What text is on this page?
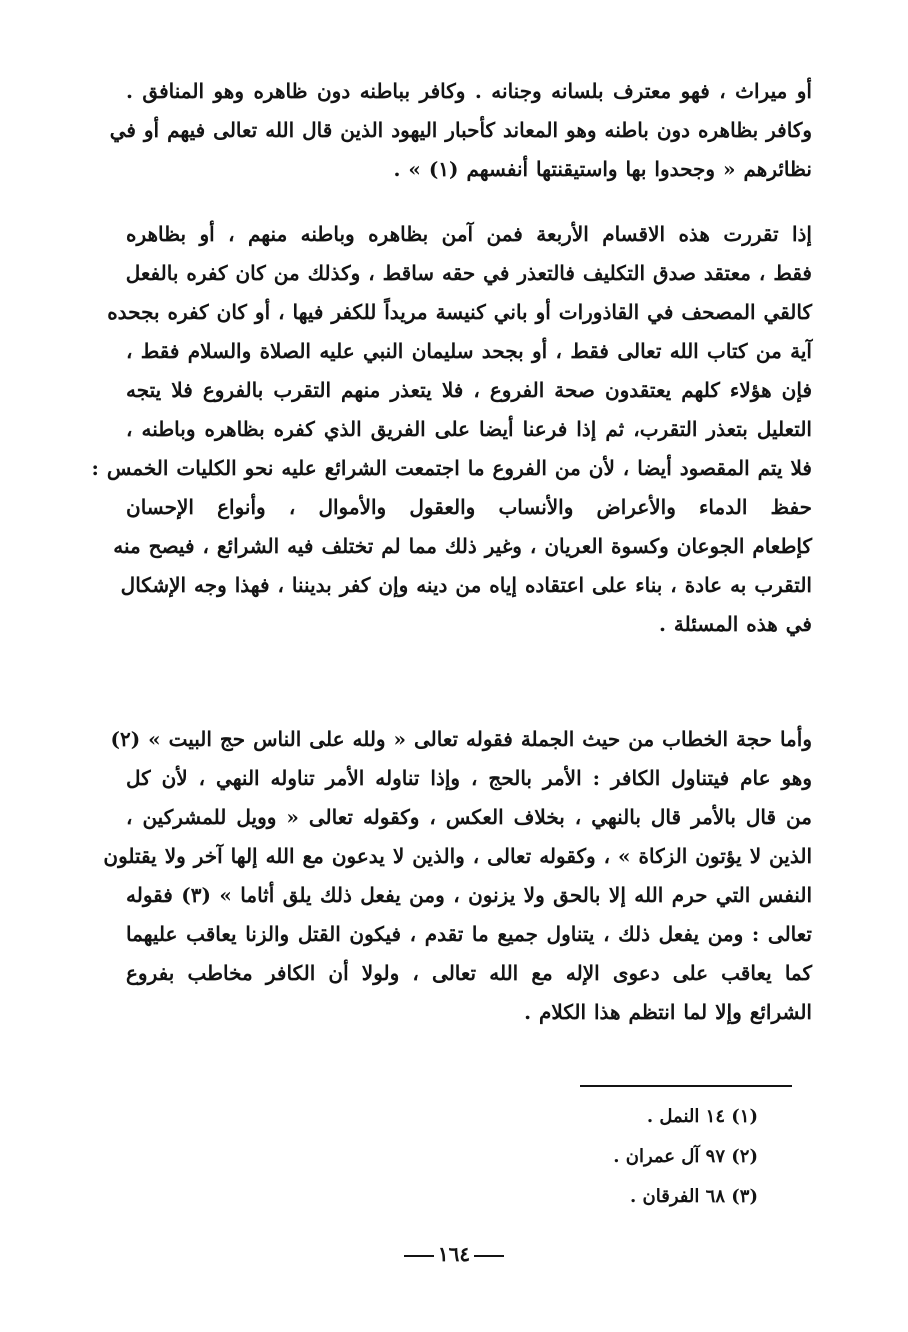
أو ميراث ، فهو معترف بلسانه وجنانه . وكافر بباطنه دون ظاهره وهو المنافق .
وكافر بظاهره دون باطنه وهو المعاند كأحبار اليهود الذين قال الله تعالى فيهم أو في
نظائرهم « وجحدوا بها واستيقنتها أنفسهم (١) » .
إذا تقررت هذه الاقسام الأربعة فمن آمن بظاهره وباطنه منهم ، أو بظاهره
فقط ، معتقد صدق التكليف فالتعذر في حقه ساقط ، وكذلك من كان كفره بالفعل
كالقي المصحف في القاذورات أو باني كنيسة مريداً للكفر فيها ، أو كان كفره بجحده
آية من كتاب الله تعالى فقط ، أو بجحد سليمان النبي عليه الصلاة والسلام فقط ،
فإن هؤلاء كلهم يعتقدون صحة الفروع ، فلا يتعذر منهم التقرب بالفروع فلا يتجه
التعليل بتعذر التقرب، ثم إذا فرعنا أيضا على الفريق الذي كفره بظاهره وباطنه ،
فلا يتم المقصود أيضا ، لأن من الفروع ما اجتمعت الشرائع عليه نحو الكليات الخمس :
حفظ الدماء والأعراض والأنساب والعقول والأموال ، وأنواع الإحسان
كإطعام الجوعان وكسوة العريان ، وغير ذلك مما لم تختلف فيه الشرائع ، فيصح منه
التقرب به عادة ، بناء على اعتقاده إياه من دينه وإن كفر بديننا ، فهذا وجه الإشكال
في هذه المسئلة .
وأما حجة الخطاب من حيث الجملة فقوله تعالى « ولله على الناس حج البيت » (٢)
وهو عام فيتناول الكافر : الأمر بالحج ، وإذا تناوله الأمر تناوله النهي ، لأن كل
من قال بالأمر قال بالنهي ، بخلاف العكس ، وكقوله تعالى « وويل للمشركين ،
الذين لا يؤتون الزكاة » ، وكقوله تعالى ، والذين لا يدعون مع الله إلها آخر ولا يقتلون
النفس التي حرم الله إلا بالحق ولا يزنون ، ومن يفعل ذلك يلق أثاما » (٣) فقوله
تعالى : ومن يفعل ذلك ، يتناول جميع ما تقدم ، فيكون القتل والزنا يعاقب عليهما
كما يعاقب على دعوى الإله مع الله تعالى ، ولولا أن الكافر مخاطب بفروع
الشرائع وإلا لما انتظم هذا الكلام .
(١) ١٤ النمل .
(٢) ٩٧ آل عمران .
(٣) ٦٨ الفرقان .
١٦٤
